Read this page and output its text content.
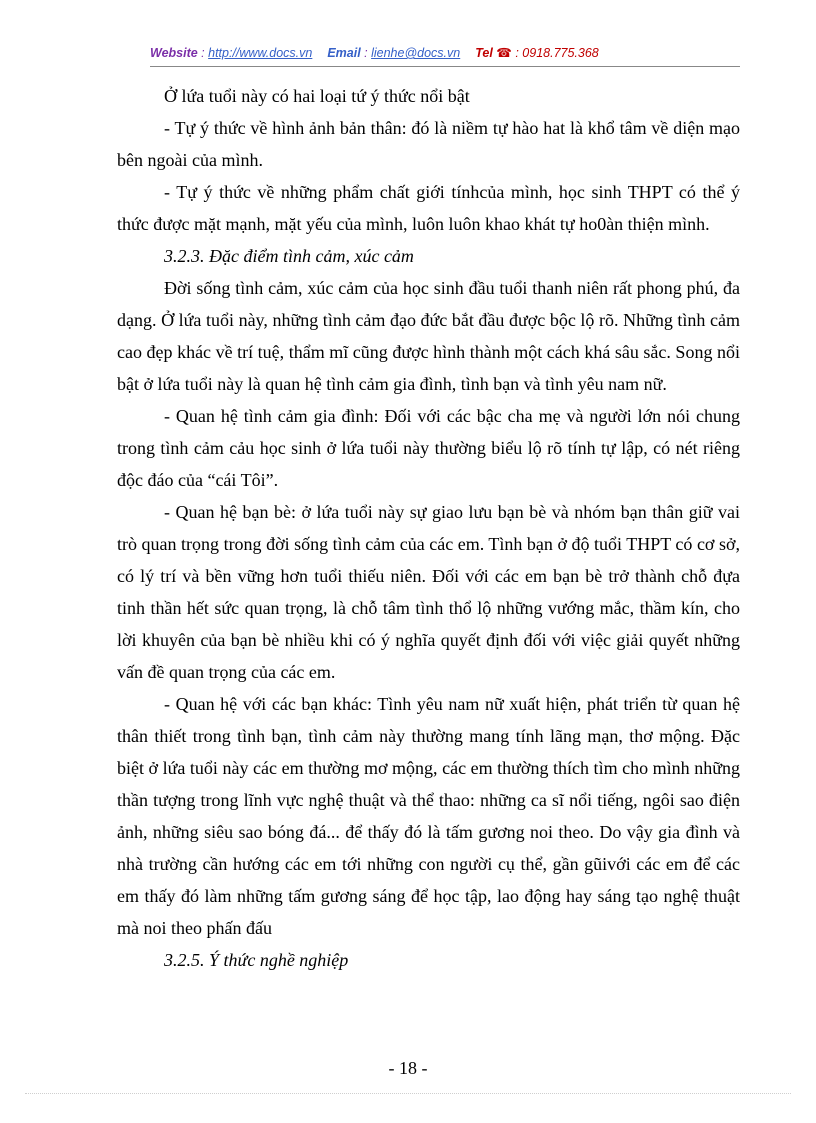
Website : http://www.docs.vn Email : lienhe@docs.vn Tel ☎ : 0918.775.368

Ở lứa tuổi này có hai loại tứ ý thức nổi bật

- Tự ý thức về hình ảnh bản thân: đó là niềm tự hào hat là khổ tâm về diện mạo bên ngoài của mình.

- Tự ý thức về những phẩm chất giới tínhcủa mình, học sinh THPT có thể ý thức được mặt mạnh, mặt yếu của mình, luôn luôn khao khát tự ho0àn thiện mình.

3.2.3. Đặc điểm tình cảm, xúc cảm

Đời sống tình cảm, xúc cảm của học sinh đầu tuổi thanh niên rất phong phú, đa dạng. Ở lứa tuổi này, những tình cảm đạo đức bắt đầu được bộc lộ rõ. Những tình cảm cao đẹp khác về trí tuệ, thẩm mĩ cũng được hình thành một cách khá sâu sắc. Song nổi bật ở lứa tuổi này là quan hệ tình cảm gia đình, tình bạn và tình yêu nam nữ.

- Quan hệ tình cảm gia đình: Đối với các bậc cha mẹ và người lớn nói chung trong tình cảm cảu học sinh ở lứa tuổi này thường biểu lộ rõ tính tự lập, có nét riêng độc đáo của “cái Tôi”.

- Quan hệ bạn bè: ở lứa tuổi này sự giao lưu bạn bè và nhóm bạn thân giữ vai trò quan trọng trong đời sống tình cảm của các em. Tình bạn ở độ tuổi THPT có cơ sở, có lý trí và bền vững hơn tuổi thiếu niên. Đối với các em bạn bè trở thành chỗ đựa tinh thần hết sức quan trọng, là chỗ tâm tình thổ lộ những vướng mắc, thầm kín, cho lời khuyên của bạn bè nhiều khi có ý nghĩa quyết định đối với việc giải quyết những vấn đề quan trọng của các em.

- Quan hệ với các bạn khác: Tình yêu nam nữ xuất hiện, phát triển từ quan hệ thân thiết trong tình bạn, tình cảm này thường mang tính lãng mạn, thơ mộng. Đặc biệt ở lứa tuổi này các em thường mơ mộng, các em thường thích tìm cho mình những thần tượng trong lĩnh vực nghệ thuật và thể thao: những ca sĩ nổi tiếng, ngôi sao điện ảnh, những siêu sao bóng đá... để thấy đó là tấm gương noi theo. Do vậy gia đình và nhà trường cần hướng các em tới những con người cụ thể, gần gũivới các em để các em thấy đó làm những tấm gương sáng để học tập, lao động hay sáng tạo nghệ thuật mà noi theo phấn đấu

3.2.5. Ý thức nghề nghiệp

- 18 -
